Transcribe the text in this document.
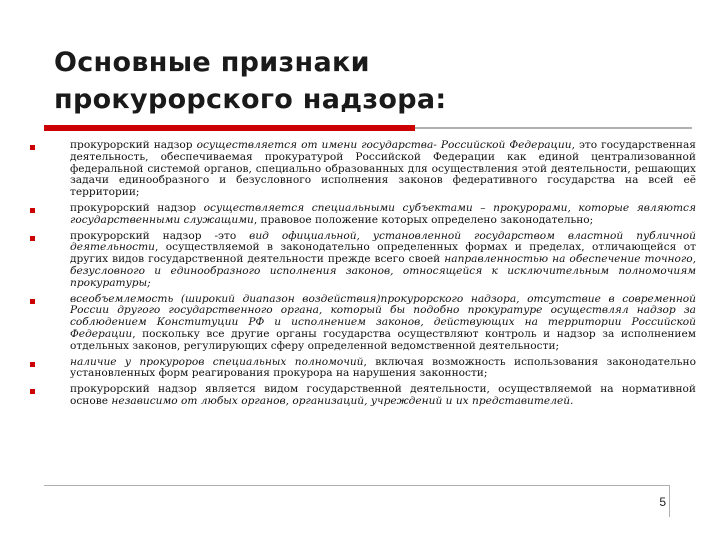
Основные признаки
прокурорского надзора:
прокурорский надзор осуществляется от имени государства- Российской Федерации, это государственная деятельность, обеспечиваемая прокуратурой Российской Федерации как единой централизованной федеральной системой органов, специально образованных для осуществления этой деятельности, решающих задачи единообразного и безусловного исполнения законов федеративного государства на всей её территории;
прокурорский надзор осуществляется специальными субъектами – прокурорами, которые являются государственными служащими, правовое положение которых определено законодательно;
прокурорский надзор -это вид официальной, установленной государством властной публичной деятельности, осуществляемой в законодательно определенных формах и пределах, отличающейся от других видов государственной деятельности прежде всего своей направленностью на обеспечение точного, безусловного и единообразного исполнения законов, относящейся к исключительным полномочиям прокуратуры;
всеобъемлемость (широкий диапазон воздействия)прокурорского надзора, отсутствие в современной России другого государственного органа, который бы подобно прокуратуре осуществлял надзор за соблюдением Конституции РФ и исполнением законов, действующих на территории Российской Федерации, поскольку все другие органы государства осуществляют контроль и надзор за исполнением отдельных законов, регулирующих сферу определенной ведомственной деятельности;
наличие у прокуроров специальных полномочий, включая возможность использования законодательно установленных форм реагирования прокурора на нарушения законности;
прокурорский надзор является видом государственной деятельности, осуществляемой на нормативной основе независимо от любых органов, организаций, учреждений и их представителей.
5
